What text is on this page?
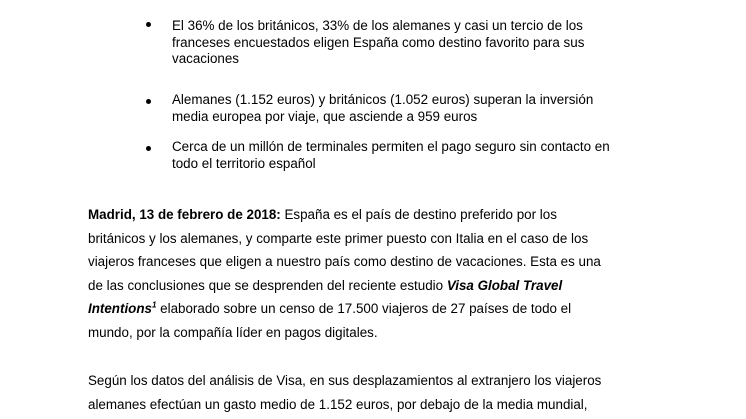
El 36% de los británicos, 33% de los alemanes y casi un tercio de los
franceses encuestados eligen España como destino favorito para sus
vacaciones
Alemanes (1.152 euros) y británicos (1.052 euros) superan la inversión
media europea por viaje, que asciende a 959 euros
Cerca de un millón de terminales permiten el pago seguro sin contacto en
todo el territorio español
Madrid, 13 de febrero de 2018: España es el país de destino preferido por los
británicos y los alemanes, y comparte este primer puesto con Italia en el caso de los
viajeros franceses que eligen a nuestro país como destino de vacaciones. Esta es una
de las conclusiones que se desprenden del reciente estudio Visa Global Travel
Intentions$^1$ elaborado sobre un censo de 17.500 viajeros de 27 países de todo el
mundo, por la compañía líder en pagos digitales.
Según los datos del análisis de Visa, en sus desplazamientos al extranjero los viajeros
alemanes efectúan un gasto medio de 1.152 euros, por debajo de la media mundial,
